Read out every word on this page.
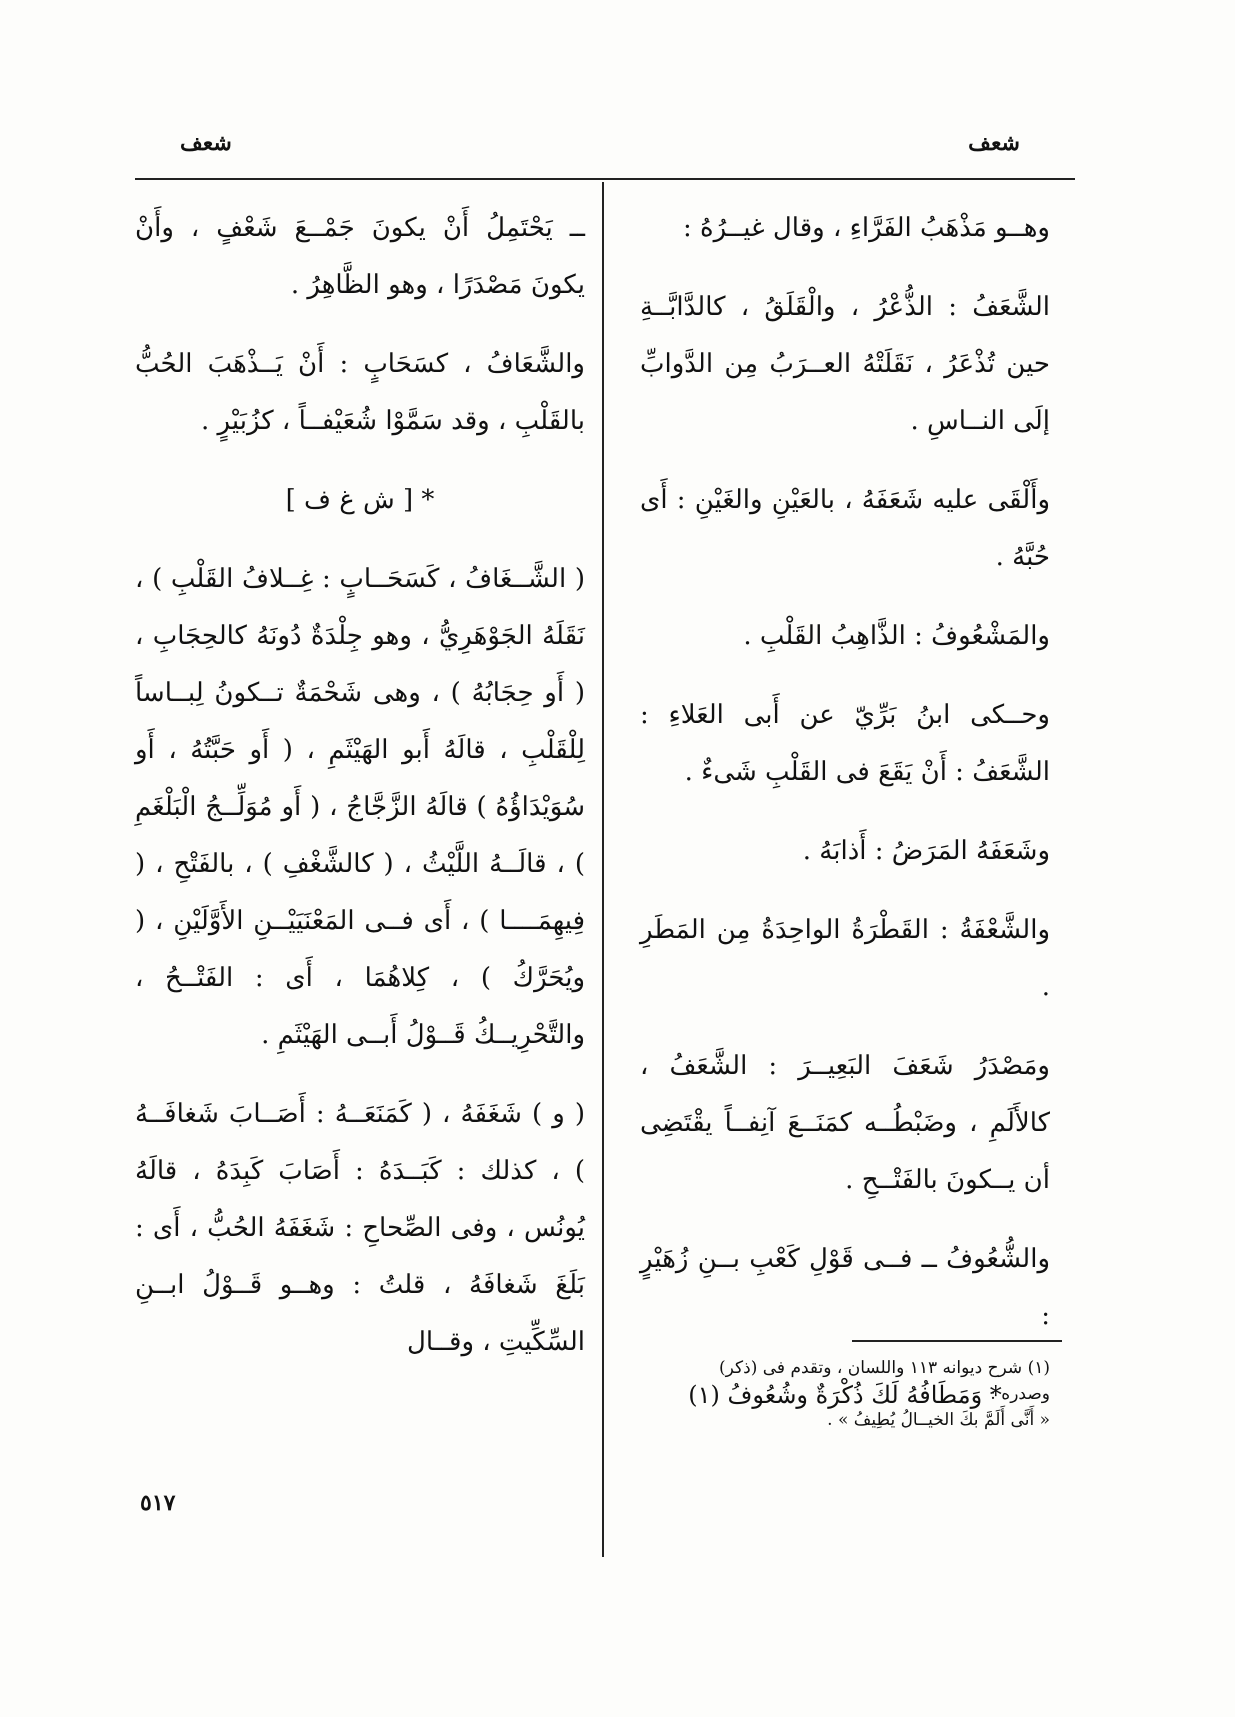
شعف
شعف

وهــو مَذْهَبُ الفَرَّاءِ ، وقال غيــرُهُ :

الشَّعَفُ : الذُّعْرُ ، والْقَلَقُ ، كالدَّابَّــةِ حين تُذْعَرُ ، نَقَلَتْهُ العــرَبُ مِن الدَّوابِّ إلَى النــاسِ .

وأَلْقَى عليه شَعَفَهُ ، بالعَيْنِ والغَيْنِ : أَى حُبَّهُ .

والمَشْعُوفُ : الذَّاهِبُ القَلْبِ .

وحــكى ابنُ بَرِّيّ عن أَبى العَلاءِ : الشَّعَفُ : أَنْ يَقَعَ فى القَلْبِ شَىءٌ .

وشَعَفَهُ المَرَضُ : أَذابَهُ .

والشَّعْفَةُ : القَطْرَةُ الواحِدَةُ مِن المَطَرِ .

ومَصْدَرُ شَعَفَ البَعِيــرَ : الشَّعَفُ ، كالأَلَمِ ، وضَبْطُــه كمَنَــعَ آنِفــاً يقْتَضِى أن يــكونَ بالفَتْــحِ .

والشُّعُوفُ ــ فــى قَوْلِ كَعْبِ بــنِ زُهَيْرٍ :

* وَمَطَافُهُ لَكَ ذُكْرَةٌ وشُعُوفُ (١)

ــ يَحْتَمِلُ أَنْ يكونَ جَمْــعَ شَعْفٍ ، وأَنْ يكونَ مَصْدَرًا ، وهو الظَّاهِرُ .

والشَّعَافُ ، كسَحَابٍ : أَنْ يَــذْهَبَ الحُبُّ بالقَلْبِ ، وقد سَمَّوْا شُعَيْفــاً ، كزُبَيْرٍ .

* [ ش غ ف ]

( الشَّــغَافُ ، كَسَحَــابٍ : غِــلافُ القَلْبِ ) ، نَقَلَهُ الجَوْهَرِيُّ ، وهو جِلْدَةٌ دُونَهُ كالحِجَابِ ، ( أَو حِجَابُهُ ) ، وهى شَحْمَةٌ تــكونُ لِبــاساً لِلْقَلْبِ ، قالَهُ أَبو الهَيْثَمِ ، ( أَو حَبَّتُهُ ، أَو سُوَيْدَاؤُهُ ) قالَهُ الزَّجَّاجُ ، ( أَو مُوَلِّــجُ الْبَلْغَمِ ) ، قالَــهُ اللَّيْثُ ، ( كالشَّغْفِ ) ، بالفَتْحِ ، ( فِيهِمَــــا ) ، أَى فــى المَعْنَيَيْــنِ الأَوَّلَيْنِ ، ( ويُحَرَّكُ ) ، كِلاهُمَا ، أَى : الفَتْــحُ ، والتَّحْرِيــكُ قَــوْلُ أَبــى الهَيْثَمِ .

( و ) شَغَفَهُ ، ( كَمَنَعَــهُ : أَصَــابَ شَغافَــهُ ) ، كذلك : كَبَــدَهُ : أَصَابَ كَبِدَهُ ، قالَهُ يُونُس ، وفى الصِّحاحِ : شَغَفَهُ الحُبُّ ، أَى : بَلَغَ شَغافَهُ ، قلتُ : وهــو قَــوْلُ ابــنِ السِّكِّيتِ ، وقــال

(١) شرح ديوانه ١١٣ واللسان ، وتقدم فى (ذكر)

وصدره :

« أَنَّى أَلَمَّ بكَ الخيــالُ يُطِيفُ » .

٥١٧
